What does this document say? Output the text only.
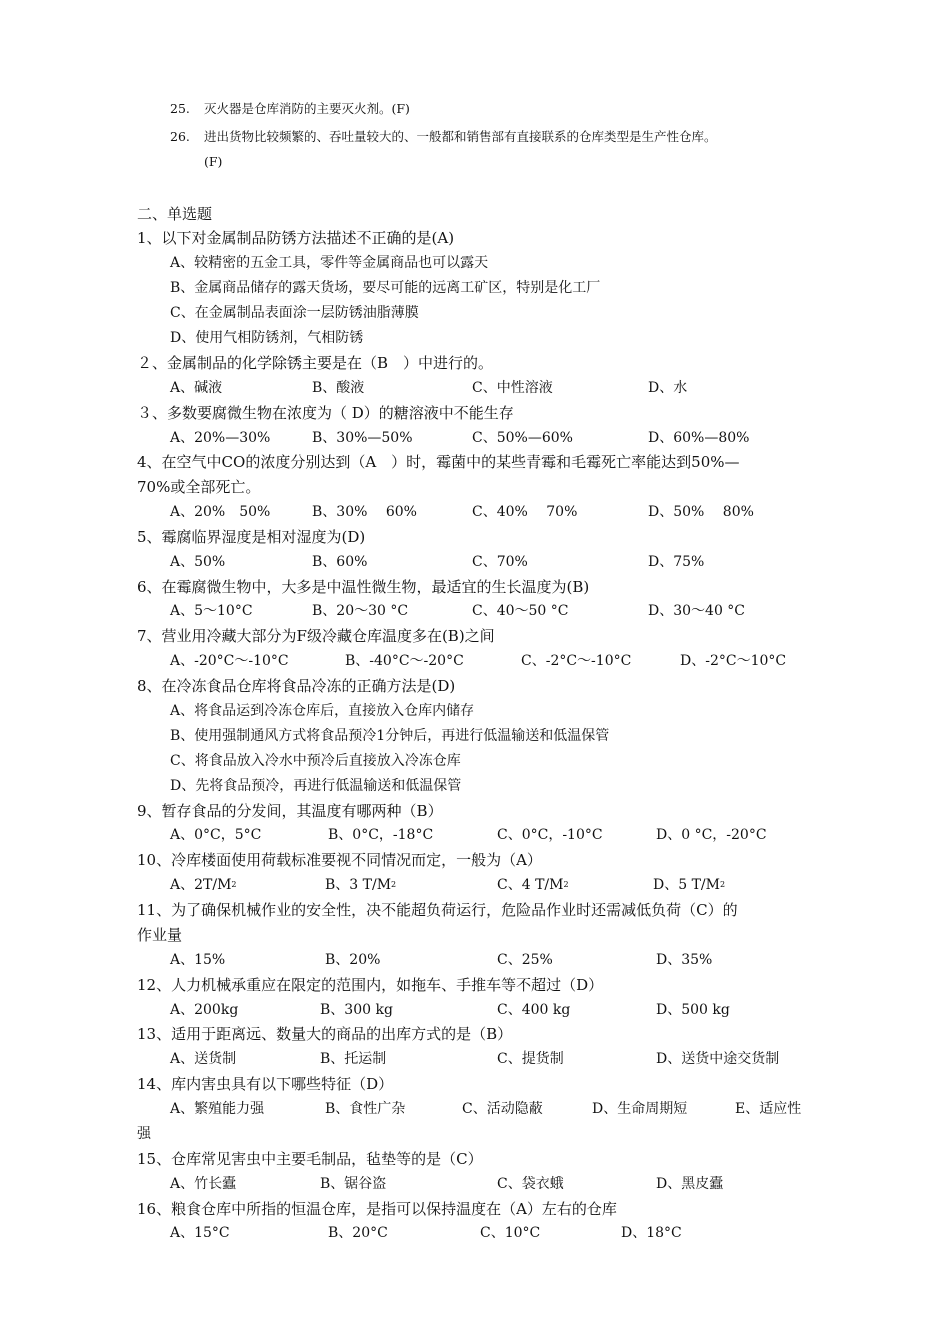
25. 灭火器是仓库消防的主要灭火剂。(F)
26. 进出货物比较频繁的、吞吐量较大的、一般都和销售部有直接联系的仓库类型是生产性仓库。
(F)
二、单选题
1、以下对金属制品防锈方法描述不正确的是(A)
A、较精密的五金工具，零件等金属商品也可以露天
B、金属商品储存的露天货场，要尽可能的远离工矿区，特别是化工厂
C、在金属制品表面涂一层防锈油脂薄膜
D、使用气相防锈剂，气相防锈
２、金属制品的化学除锈主要是在（B　）中进行的。
A、碱液	B、酸液	C、中性溶液	D、水
３、多数要腐微生物在浓度为（ D）的糖溶液中不能生存
A、20%—30%	B、30%—50%	C、50%—60%	D、60%—80%
4、在空气中CO的浓度分别达到（A　）时，霉菌中的某些青霉和毛霉死亡率能达到50%—
70%或全部死亡。
A、20%　50%	B、30%　 60%	C、40%　 70%	D、50%　 80%
5、霉腐临界湿度是相对湿度为(D)
A、50%	B、60%	C、70%	D、75%
6、在霉腐微生物中，大多是中温性微生物，最适宜的生长温度为(B)
A、5～10°C	B、20～30 °C	C、40～50 °C	D、30～40 °C
7、营业用冷藏大部分为F级冷藏仓库温度多在(B)之间
A、-20°C～-10°C	B、-40°C～-20°C	C、-2°C～-10°C	D、-2°C～10°C
8、在冷冻食品仓库将食品冷冻的正确方法是(D)
A、将食品运到冷冻仓库后，直接放入仓库内储存
B、使用强制通风方式将食品预冷1分钟后，再进行低温输送和低温保管
C、将食品放入冷水中预冷后直接放入冷冻仓库
D、先将食品预冷，再进行低温输送和低温保管
9、暂存食品的分发间，其温度有哪两种（B）
A、0°C，5°C	B、0°C，-18°C	C、0°C，-10°C	D、0 °C，-20°C
10、冷库楼面使用荷载标准要视不同情况而定，一般为（A）
A、$2T/M^2$	B、3 $T/M^2$	C、4 $T/M^2$	D、5 $T/M^2$
11、为了确保机械作业的安全性，决不能超负荷运行，危险品作业时还需减低负荷（C）的
作业量
A、15%	B、20%	C、25%	D、35%
12、人力机械承重应在限定的范围内，如拖车、手推车等不超过（D）
A、200kg	B、300 kg	C、400 kg	D、500 kg
13、适用于距离远、数量大的商品的出库方式的是（B）
A、送货制	B、托运制	C、提货制	D、送货中途交货制
14、库内害虫具有以下哪些特征（D）
A、繁殖能力强	B、食性广杂	C、活动隐蔽	D、生命周期短	E、适应性
强
15、仓库常见害虫中主要毛制品，毡垫等的是（C）
A、竹长蠹	B、锯谷盗	C、袋衣蛾	D、黑皮蠹
16、粮食仓库中所指的恒温仓库，是指可以保持温度在（A）左右的仓库
A、15°C	B、20°C	C、10°C	D、18°C
